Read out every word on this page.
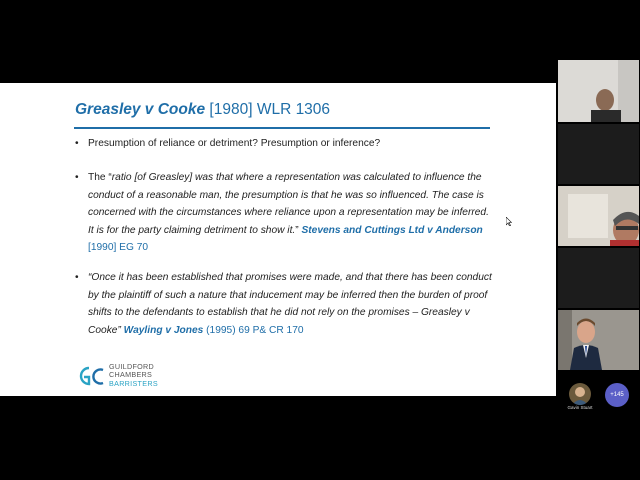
Greasley v Cooke [1980] WLR 1306
• Presumption of reliance or detriment? Presumption or inference?
• The “ratio [of Greasley] was that where a representation was calculated to influence the conduct of a reasonable man, the presumption is that he was so influenced. The case is concerned with the circumstances where reliance upon a representation may be inferred. It is for the party claiming detriment to show it.” Stevens and Cuttings Ltd v Anderson [1990] EG 70
• “Once it has been established that promises were made, and that there has been conduct by the plaintiff of such a nature that inducement may be inferred then the burden of proof shifts to the defendants to establish that he did not rely on the promises – Greasley v Cooke” Wayling v Jones (1995) 69 P& CR 170
GUILDFORD
CHAMBERS
BARRISTERS
Gavin Stuart
+145
